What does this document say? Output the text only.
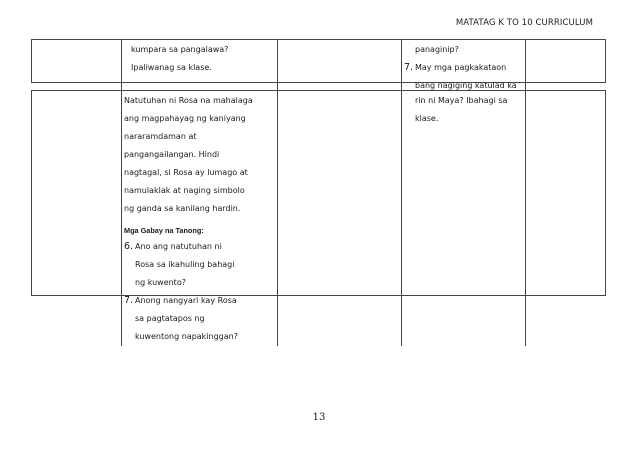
MATATAG K TO 10 CURRICULUM
kumpara sa pangalawa?
Ipaliwanag sa klase.
panaginip?
7. May mga pagkakataon
bang nagiging katulad ka
Natutuhan ni Rosa na mahalaga
ang magpahayag ng kaniyang
nararamdaman at
pangangailangan. Hindi
nagtagal, si Rosa ay lumago at
namulaklak at naging simbolo
ng ganda sa kanilang hardin.
Mga Gabay na Tanong:
6. Ano ang natutuhan ni
Rosa sa ikahuling bahagi
ng kuwento?
7. Anong nangyari kay Rosa
sa pagtatapos ng
kuwentong napakinggan?
rin ni Maya? Ibahagi sa
klase.
13
